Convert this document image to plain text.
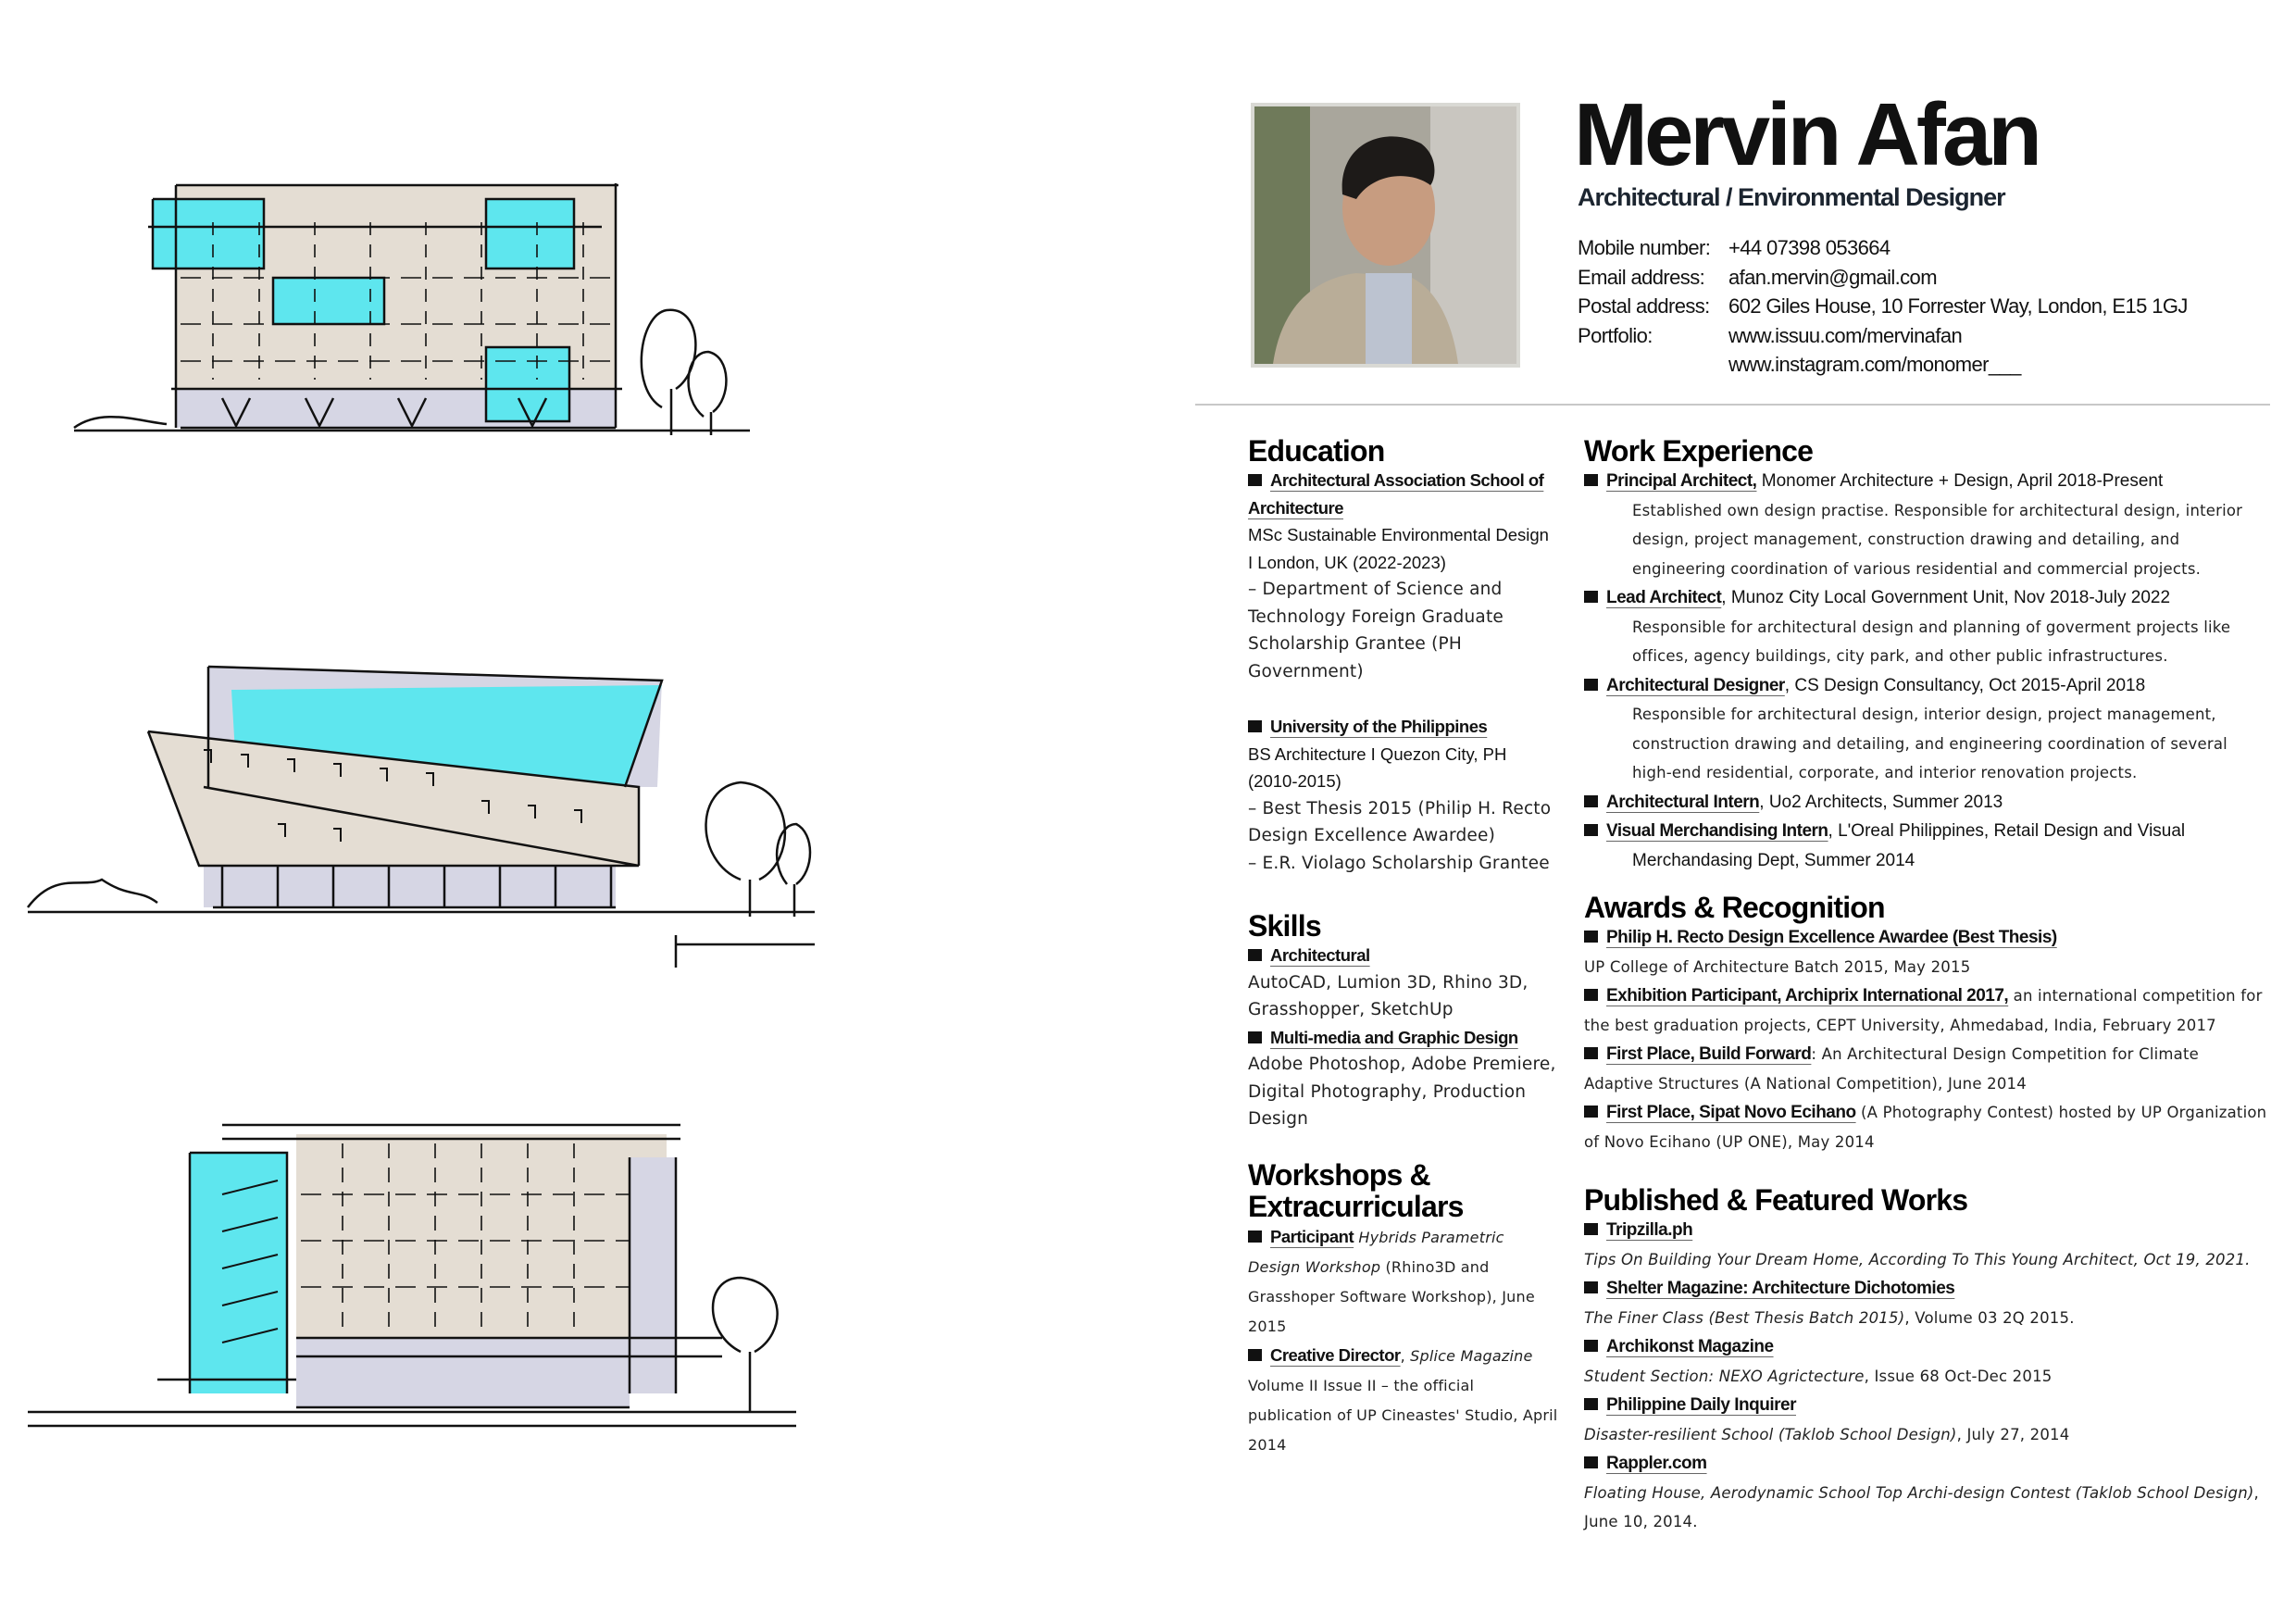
Mervin Afan
Architectural / Environmental Designer
Mobile number: +44 07398 053664
Email address:	afan.mervin@gmail.com
Postal address: 602 Giles House, 10 Forrester Way, London, E15 1GJ
Portfolio:	www.issuu.com/mervinafan
www.instagram.com/monomer___
Education
Architectural Association School of Architecture
MSc Sustainable Environmental Design I London, UK (2022-2023)
– Department of Science and Technology Foreign Graduate Scholarship Grantee (PH Government)
University of the Philippines
BS Architecture I Quezon City, PH (2010-2015)
– Best Thesis 2015 (Philip H. Recto Design Excellence Awardee)
– E.R. Violago Scholarship Grantee
Skills
Architectural
AutoCAD, Lumion 3D, Rhino 3D, Grasshopper, SketchUp
Multi-media and Graphic Design
Adobe Photoshop, Adobe Premiere, Digital Photography, Production Design
Workshops & Extracurriculars
Participant Hybrids Parametric Design Workshop (Rhino3D and Grasshoper Software Workshop), June 2015
Creative Director, Splice Magazine Volume II Issue II – the official publication of UP Cineastes' Studio, April 2014
Work Experience
Principal Architect, Monomer Architecture + Design, April 2018-Present
Established own design practise. Responsible for architectural design, interior design, project management, construction drawing and detailing, and engineering coordination of various residential and commercial projects.
Lead Architect, Munoz City Local Government Unit, Nov 2018-July 2022
Responsible for architectural design and planning of goverment projects like offices, agency buildings, city park, and other public infrastructures.
Architectural Designer, CS Design Consultancy, Oct 2015-April 2018
Responsible for architectural design, interior design, project management, construction drawing and detailing, and engineering coordination of several high-end residential, corporate, and interior renovation projects.
Architectural Intern, Uo2 Architects, Summer 2013
Visual Merchandising Intern, L'Oreal Philippines, Retail Design and Visual
Merchandasing Dept, Summer 2014
Awards & Recognition
Philip H. Recto Design Excellence Awardee (Best Thesis)
UP College of Architecture Batch 2015, May 2015
Exhibition Participant, Archiprix International 2017, an international competition for the best graduation projects, CEPT University, Ahmedabad, India, February 2017
First Place, Build Forward: An Architectural Design Competition for Climate Adaptive Structures (A National Competition), June 2014
First Place, Sipat Novo Ecihano (A Photography Contest) hosted by UP Organization of Novo Ecihano (UP ONE), May 2014
Published & Featured Works
Tripzilla.ph
Tips On Building Your Dream Home, According To This Young Architect, Oct 19, 2021.
Shelter Magazine: Architecture Dichotomies
The Finer Class (Best Thesis Batch 2015), Volume 03 2Q 2015.
Archikonst Magazine
Student Section: NEXO Agrictecture, Issue 68 Oct-Dec 2015
Philippine Daily Inquirer
Disaster-resilient School (Taklob School Design), July 27, 2014
Rappler.com
Floating House, Aerodynamic School Top Archi-design Contest (Taklob School Design), June 10, 2014.
